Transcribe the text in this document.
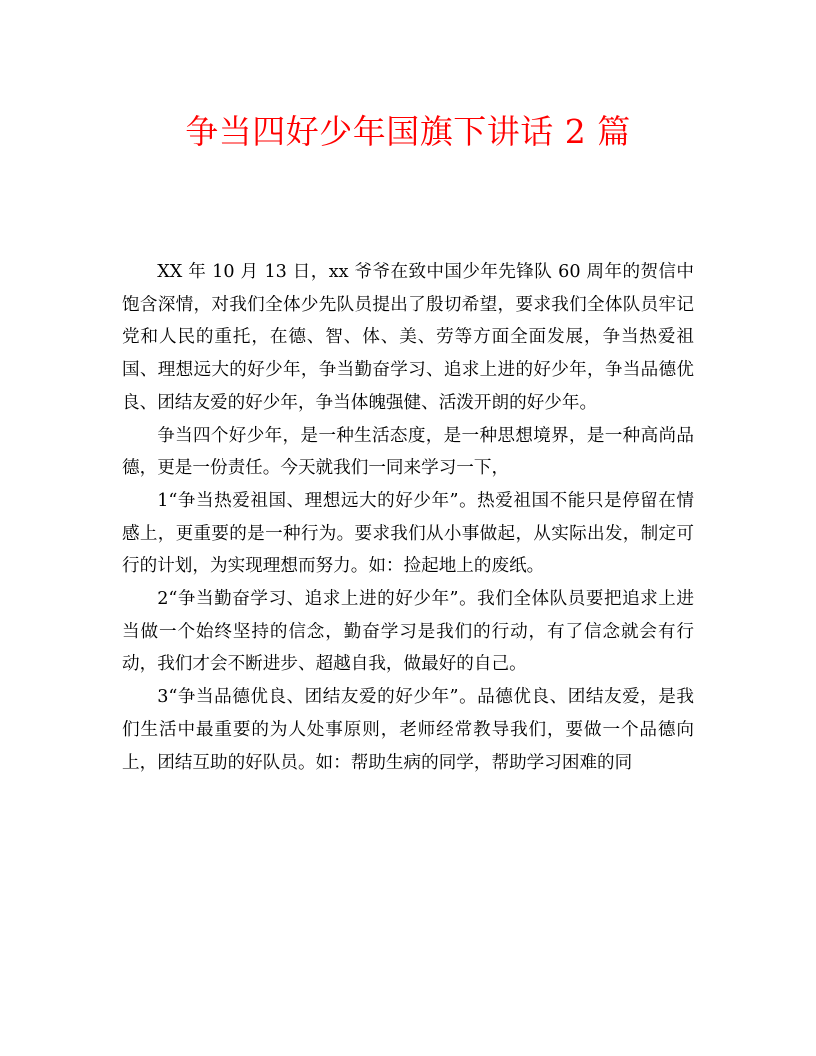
争当四好少年国旗下讲话 2 篇

XX 年 10 月 13 日，xx 爷爷在致中国少年先锋队 60 周年的贺信中饱含深情，对我们全体少先队员提出了殷切希望，要求我们全体队员牢记党和人民的重托，在德、智、体、美、劳等方面全面发展，争当热爱祖国、理想远大的好少年，争当勤奋学习、追求上进的好少年，争当品德优良、团结友爱的好少年，争当体魄强健、活泼开朗的好少年。

争当四个好少年，是一种生活态度，是一种思想境界，是一种高尚品德，更是一份责任。今天就我们一同来学习一下，

1“争当热爱祖国、理想远大的好少年”。热爱祖国不能只是停留在情感上，更重要的是一种行为。要求我们从小事做起，从实际出发，制定可行的计划，为实现理想而努力。如：捡起地上的废纸。

2“争当勤奋学习、追求上进的好少年”。我们全体队员要把追求上进当做一个始终坚持的信念，勤奋学习是我们的行动，有了信念就会有行动，我们才会不断进步、超越自我，做最好的自己。

3“争当品德优良、团结友爱的好少年”。品德优良、团结友爱，是我们生活中最重要的为人处事原则，老师经常教导我们，要做一个品德向上，团结互助的好队员。如：帮助生病的同学，帮助学习困难的同
